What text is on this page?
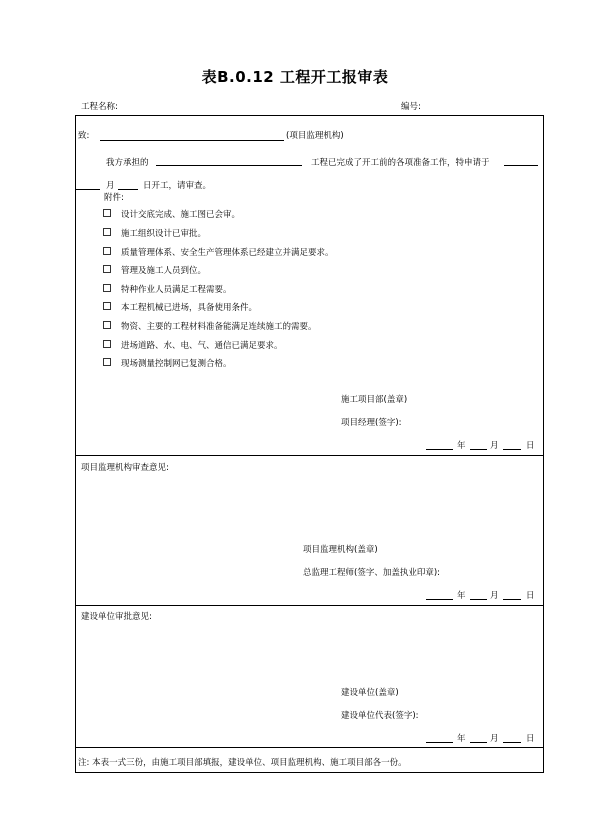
表B.0.12 工程开工报审表
工程名称:	编号:
致:	(项目监理机构)
我方承担的	工程已完成了开工前的各项准备工作，特申请于
月	日开工，请审查。
附件:
设计交底完成、施工图已会审。
施工组织设计已审批。
质量管理体系、安全生产管理体系已经建立并满足要求。
管理及施工人员到位。
特种作业人员满足工程需要。
本工程机械已进场，具备使用条件。
物资、主要的工程材料准备能满足连续施工的需要。
进场道路、水、电、气、通信已满足要求。
现场测量控制网已复测合格。
施工项目部(盖章)
项目经理(签字):
年	月	日
项目监理机构审查意见:
项目监理机构(盖章)
总监理工程师(签字、加盖执业印章):
年	月	日
建设单位审批意见:
建设单位(盖章)
建设单位代表(签字):
年	月	日
注: 本表一式三份，由施工项目部填报，建设单位、项目监理机构、施工项目部各一份。
